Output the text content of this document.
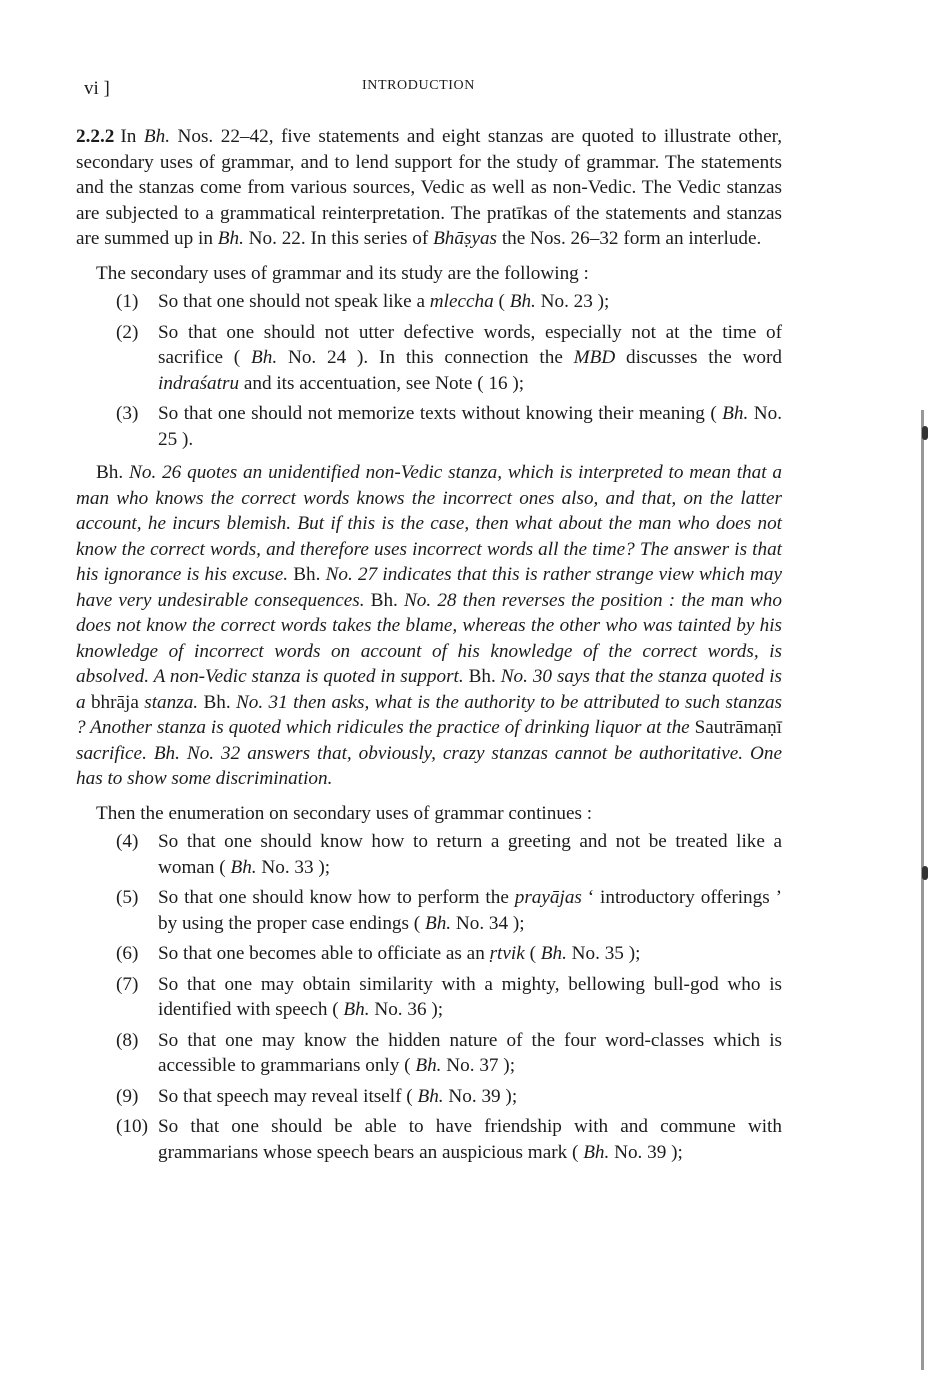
vi ]	INTRODUCTION

2.2.2 In Bh. Nos. 22–42, five statements and eight stanzas are quoted to illustrate other, secondary uses of grammar, and to lend support for the study of grammar. The statements and the stanzas come from various sources, Vedic as well as non-Vedic. The Vedic stanzas are subjected to a grammatical reinterpretation. The pratīkas of the statements and stanzas are summed up in Bh. No. 22. In this series of Bhāṣyas the Nos. 26–32 form an interlude.

The secondary uses of grammar and its study are the following :

(1)	So that one should not speak like a mleccha ( Bh. No. 23 );
(2)	So that one should not utter defective words, especially not at the time of sacrifice ( Bh. No. 24 ). In this connection the MBD discusses the word indraśatru and its accentuation, see Note ( 16 );
(3)	So that one should not memorize texts without knowing their meaning ( Bh. No. 25 ).

Bh. No. 26 quotes an unidentified non-Vedic stanza, which is interpreted to mean that a man who knows the correct words knows the incorrect ones also, and that, on the latter account, he incurs blemish. But if this is the case, then what about the man who does not know the correct words, and therefore uses incorrect words all the time? The answer is that his ignorance is his excuse. Bh. No. 27 indicates that this is rather strange view which may have very undesirable consequences. Bh. No. 28 then reverses the position : the man who does not know the correct words takes the blame, whereas the other who was tainted by his knowledge of incorrect words on account of his knowledge of the correct words, is absolved. A non-Vedic stanza is quoted in support. Bh. No. 30 says that the stanza quoted is a bhrāja stanza. Bh. No. 31 then asks, what is the authority to be attributed to such stanzas ? Another stanza is quoted which ridicules the practice of drinking liquor at the Sautrāmaṇī sacrifice. Bh. No. 32 answers that, obviously, crazy stanzas cannot be authoritative. One has to show some discrimination.

Then the enumeration on secondary uses of grammar continues :

(4)	So that one should know how to return a greeting and not be treated like a woman ( Bh. No. 33 );
(5)	So that one should know how to perform the prayājas ‘ introductory offerings ’ by using the proper case endings ( Bh. No. 34 );
(6)	So that one becomes able to officiate as an ṛtvik ( Bh. No. 35 );
(7)	So that one may obtain similarity with a mighty, bellowing bull-god who is identified with speech ( Bh. No. 36 );
(8)	So that one may know the hidden nature of the four word-classes which is accessible to grammarians only ( Bh. No. 37 );
(9)	So that speech may reveal itself ( Bh. No. 39 );
(10) So that one should be able to have friendship with and commune with grammarians whose speech bears an auspicious mark ( Bh. No. 39 );
